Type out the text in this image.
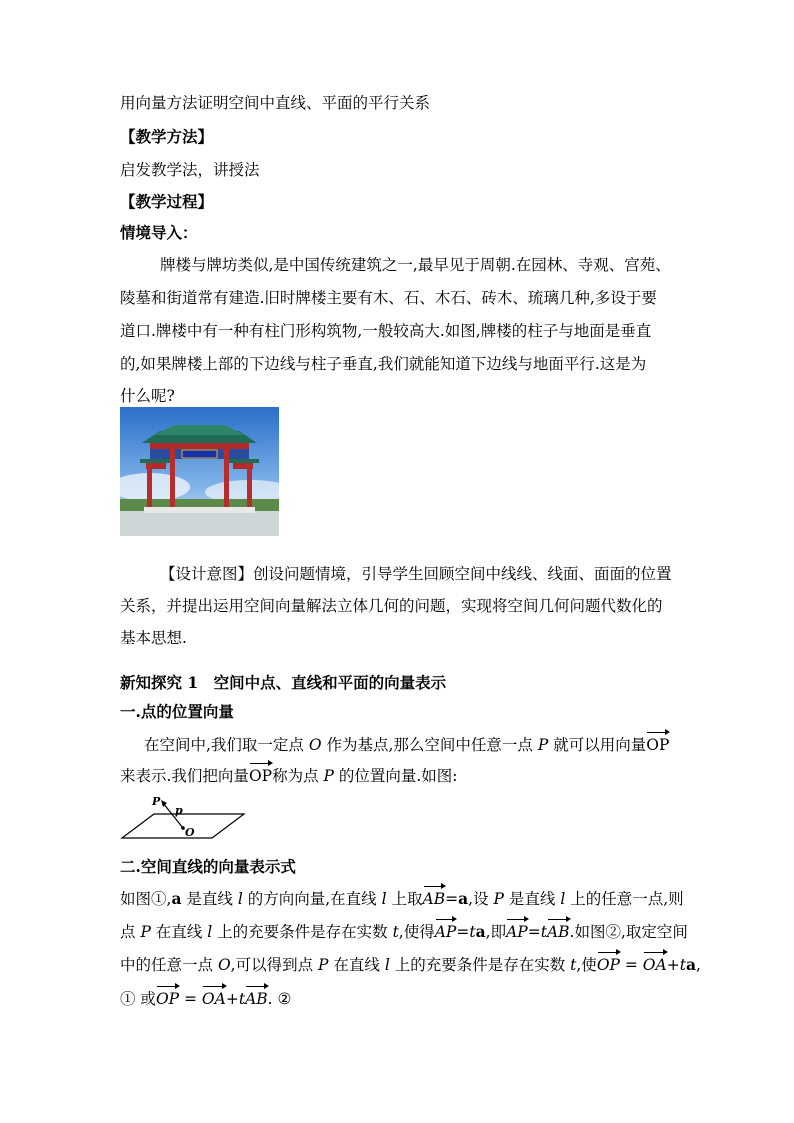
用向量方法证明空间中直线、平面的平行关系
【教学方法】
启发教学法，讲授法
【教学过程】
情境导入：
牌楼与牌坊类似,是中国传统建筑之一,最早见于周朝.在园林、寺观、宫苑、
陵墓和街道常有建造.旧时牌楼主要有木、石、木石、砖木、琉璃几种,多设于要
道口.牌楼中有一种有柱门形构筑物,一般较高大.如图,牌楼的柱子与地面是垂直
的,如果牌楼上部的下边线与柱子垂直,我们就能知道下边线与地面平行.这是为
什么呢?
【设计意图】创设问题情境，引导学生回顾空间中线线、线面、面面的位置
关系，并提出运用空间向量解法立体几何的问题，实现将空间几何问题代数化的
基本思想.
新知探究 1　空间中点、直线和平面的向量表示
一.点的位置向量
在空间中,我们取一定点 O 作为基点,那么空间中任意一点 P 就可以用向量OP
来表示.我们把向量OP称为点 P 的位置向量.如图:
P
p
O
二.空间直线的向量表示式
如图①,a 是直线 l 的方向向量,在直线 l 上取AB=a,设 P 是直线 l 上的任意一点,则
点 P 在直线 l 上的充要条件是存在实数 t,使得AP=ta,即AP=tAB.如图②,取定空间
中的任意一点 O,可以得到点 P 在直线 l 上的充要条件是存在实数 t,使OP = OA+ta,
① 或OP = OA+tAB. ②
